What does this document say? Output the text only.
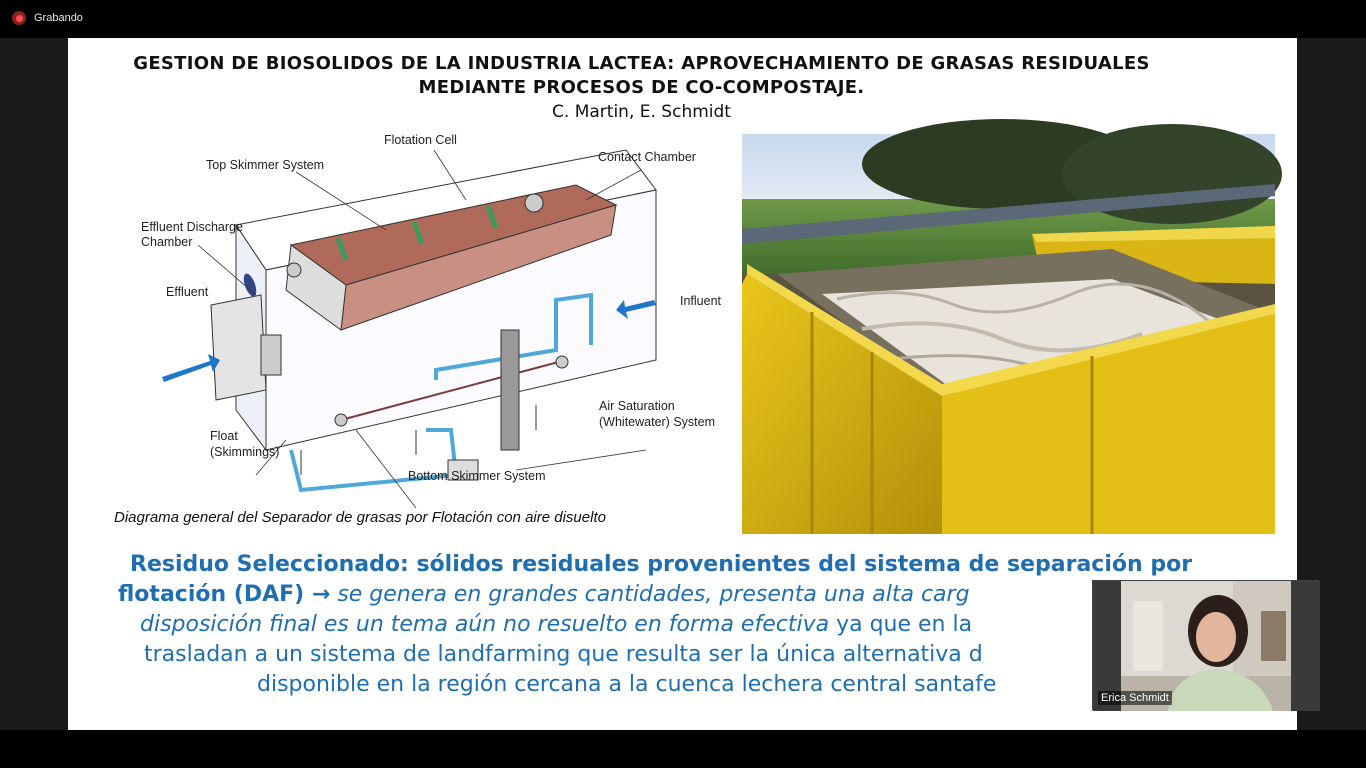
Grabando
GESTION DE BIOSOLIDOS DE LA INDUSTRIA LACTEA: APROVECHAMIENTO DE GRASAS RESIDUALES
MEDIANTE PROCESOS DE CO-COMPOSTAJE.
C. Martin, E. Schmidt
Flotation Cell
Top Skimmer System
Contact Chamber
Effluent Discharge
Chamber
Effluent
Influent
Air Saturation
(Whitewater) System
Float
(Skimmings)
Bottom Skimmer System
Diagrama general del Separador de grasas por Flotación con aire disuelto
Residuo Seleccionado: sólidos residuales provenientes del sistema de separación por
flotación (DAF) → se genera en grandes cantidades, presenta una alta carg
disposición final es un tema aún no resuelto en forma efectiva ya que en la
trasladan a un sistema de landfarming que resulta ser la única alternativa d
disponible en la región cercana a la cuenca lechera central santafe
Erica Schmidt
